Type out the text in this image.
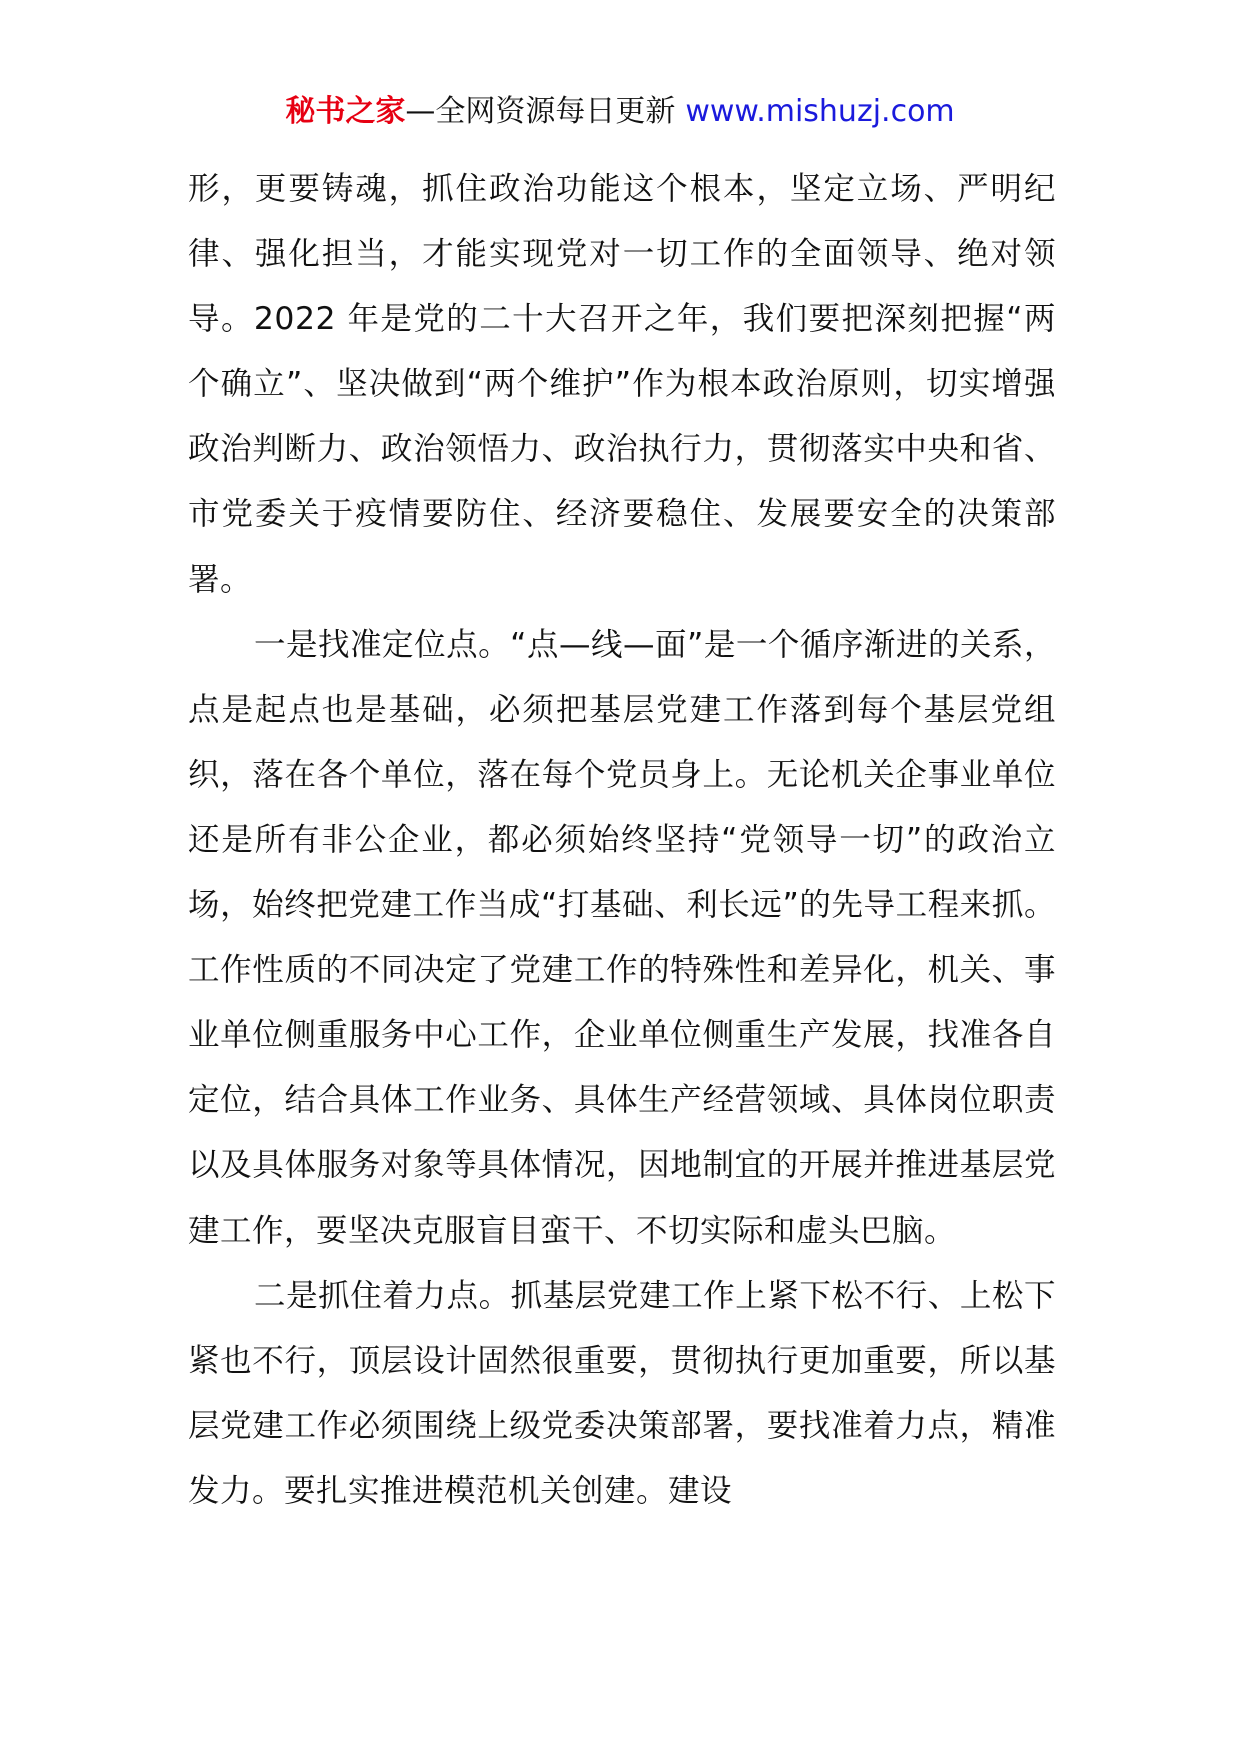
秘书之家—全网资源每日更新 www.mishuzj.com

形，更要铸魂，抓住政治功能这个根本，坚定立场、严明纪律、强化担当，才能实现党对一切工作的全面领导、绝对领导。2022 年是党的二十大召开之年，我们要把深刻把握“两个确立”、坚决做到“两个维护”作为根本政治原则，切实增强政治判断力、政治领悟力、政治执行力，贯彻落实中央和省、市党委关于疫情要防住、经济要稳住、发展要安全的决策部署。

一是找准定位点。“点—线—面”是一个循序渐进的关系，点是起点也是基础，必须把基层党建工作落到每个基层党组织，落在各个单位，落在每个党员身上。无论机关企事业单位还是所有非公企业，都必须始终坚持“党领导一切”的政治立场，始终把党建工作当成“打基础、利长远”的先导工程来抓。工作性质的不同决定了党建工作的特殊性和差异化，机关、事业单位侧重服务中心工作，企业单位侧重生产发展，找准各自定位，结合具体工作业务、具体生产经营领域、具体岗位职责以及具体服务对象等具体情况，因地制宜的开展并推进基层党建工作，要坚决克服盲目蛮干、不切实际和虚头巴脑。

二是抓住着力点。抓基层党建工作上紧下松不行、上松下紧也不行，顶层设计固然很重要，贯彻执行更加重要，所以基层党建工作必须围绕上级党委决策部署，要找准着力点，精准发力。要扎实推进模范机关创建。建设
